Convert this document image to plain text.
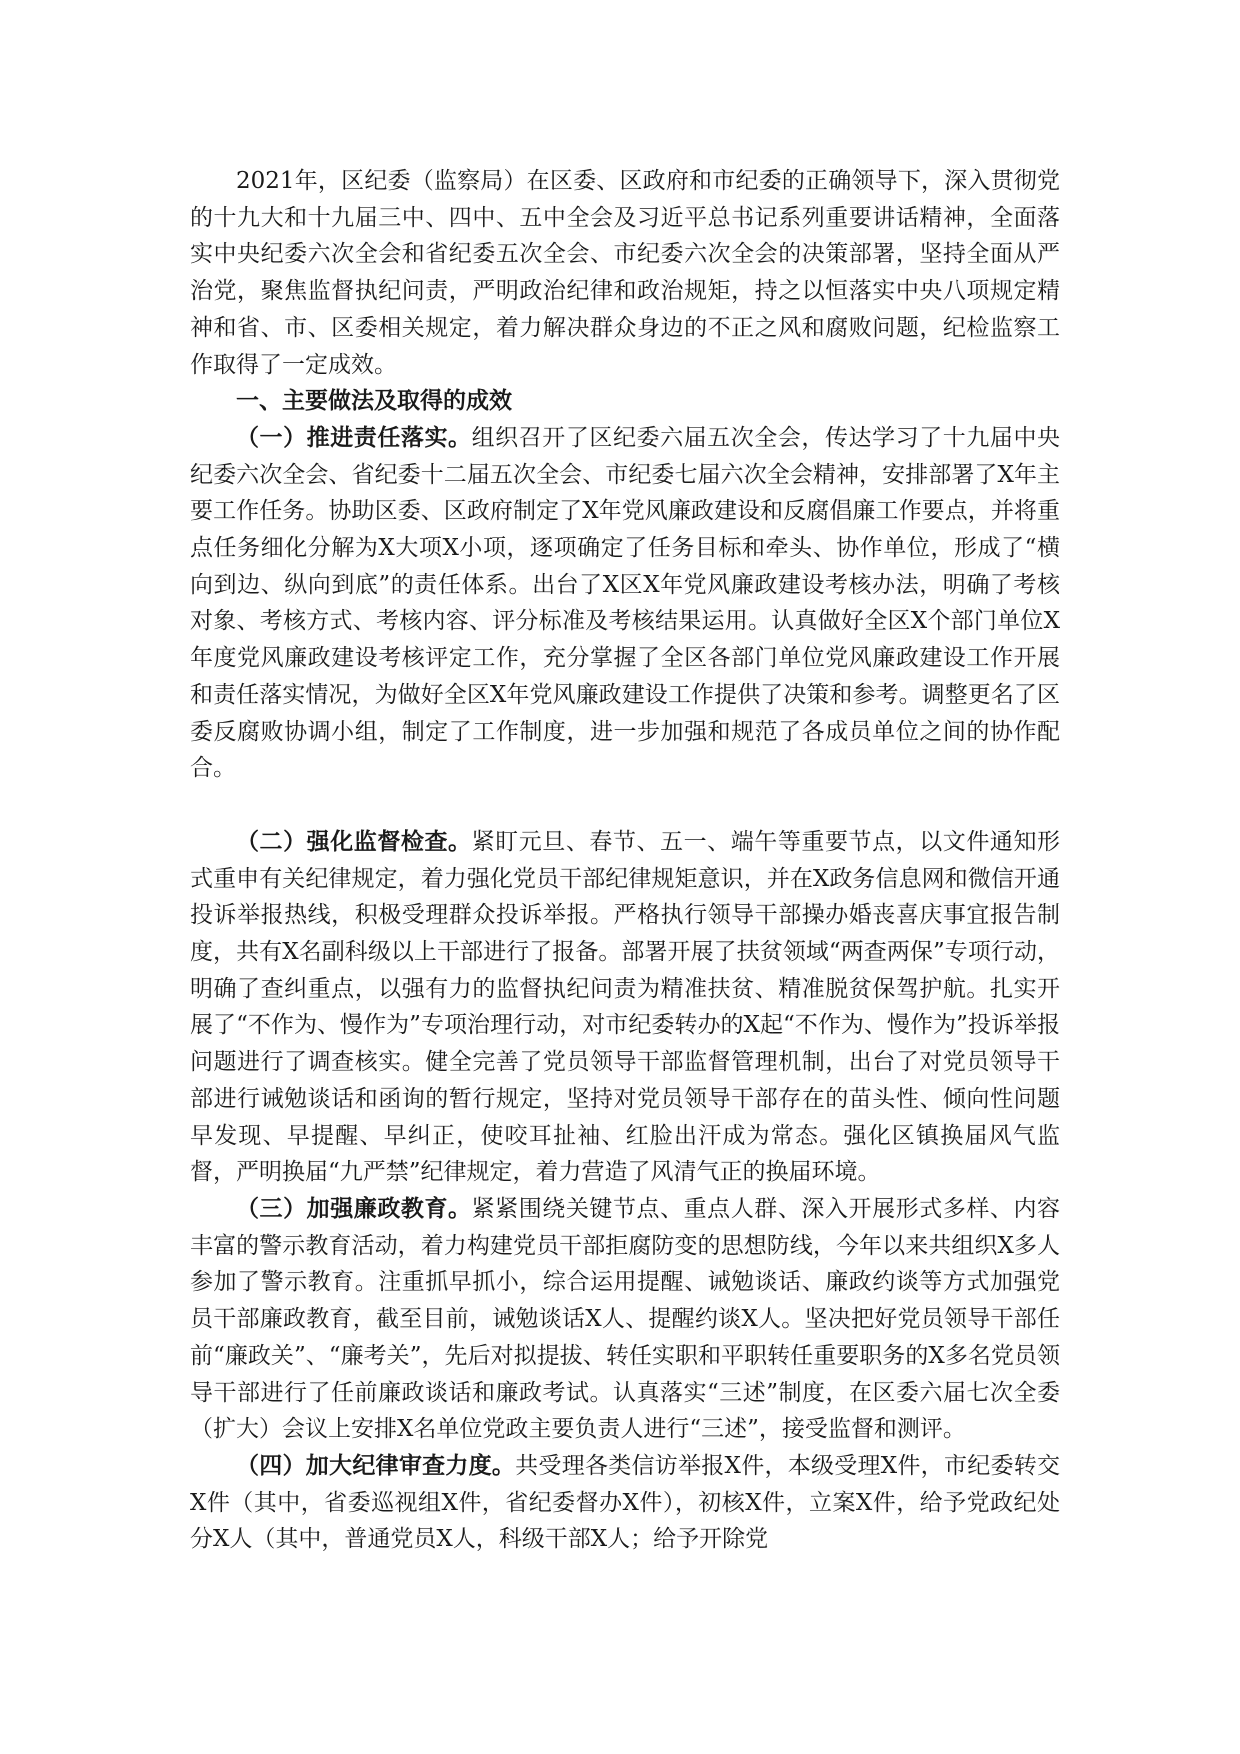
2021年，区纪委（监察局）在区委、区政府和市纪委的正确领导下，深入贯彻党的十九大和十九届三中、四中、五中全会及习近平总书记系列重要讲话精神，全面落实中央纪委六次全会和省纪委五次全会、市纪委六次全会的决策部署，坚持全面从严治党，聚焦监督执纪问责，严明政治纪律和政治规矩，持之以恒落实中央八项规定精神和省、市、区委相关规定，着力解决群众身边的不正之风和腐败问题，纪检监察工作取得了一定成效。

一、主要做法及取得的成效

（一）推进责任落实。组织召开了区纪委六届五次全会，传达学习了十九届中央纪委六次全会、省纪委十二届五次全会、市纪委七届六次全会精神，安排部署了X年主要工作任务。协助区委、区政府制定了X年党风廉政建设和反腐倡廉工作要点，并将重点任务细化分解为X大项X小项，逐项确定了任务目标和牵头、协作单位，形成了“横向到边、纵向到底”的责任体系。出台了X区X年党风廉政建设考核办法，明确了考核对象、考核方式、考核内容、评分标准及考核结果运用。认真做好全区X个部门单位X年度党风廉政建设考核评定工作，充分掌握了全区各部门单位党风廉政建设工作开展和责任落实情况，为做好全区X年党风廉政建设工作提供了决策和参考。调整更名了区委反腐败协调小组，制定了工作制度，进一步加强和规范了各成员单位之间的协作配合。

（二）强化监督检查。紧盯元旦、春节、五一、端午等重要节点，以文件通知形式重申有关纪律规定，着力强化党员干部纪律规矩意识，并在X政务信息网和微信开通投诉举报热线，积极受理群众投诉举报。严格执行领导干部操办婚丧喜庆事宜报告制度，共有X名副科级以上干部进行了报备。部署开展了扶贫领域“两查两保”专项行动，明确了查纠重点，以强有力的监督执纪问责为精准扶贫、精准脱贫保驾护航。扎实开展了“不作为、慢作为”专项治理行动，对市纪委转办的X起“不作为、慢作为”投诉举报问题进行了调查核实。健全完善了党员领导干部监督管理机制，出台了对党员领导干部进行诫勉谈话和函询的暂行规定，坚持对党员领导干部存在的苗头性、倾向性问题早发现、早提醒、早纠正，使咬耳扯袖、红脸出汗成为常态。强化区镇换届风气监督，严明换届“九严禁”纪律规定，着力营造了风清气正的换届环境。

（三）加强廉政教育。紧紧围绕关键节点、重点人群、深入开展形式多样、内容丰富的警示教育活动，着力构建党员干部拒腐防变的思想防线，今年以来共组织X多人参加了警示教育。注重抓早抓小，综合运用提醒、诫勉谈话、廉政约谈等方式加强党员干部廉政教育，截至目前，诫勉谈话X人、提醒约谈X人。坚决把好党员领导干部任前“廉政关”、“廉考关”，先后对拟提拔、转任实职和平职转任重要职务的X多名党员领导干部进行了任前廉政谈话和廉政考试。认真落实“三述”制度，在区委六届七次全委（扩大）会议上安排X名单位党政主要负责人进行“三述”，接受监督和测评。

（四）加大纪律审查力度。共受理各类信访举报X件，本级受理X件，市纪委转交X件（其中，省委巡视组X件，省纪委督办X件），初核X件，立案X件，给予党政纪处分X人（其中，普通党员X人，科级干部X人；给予开除党
